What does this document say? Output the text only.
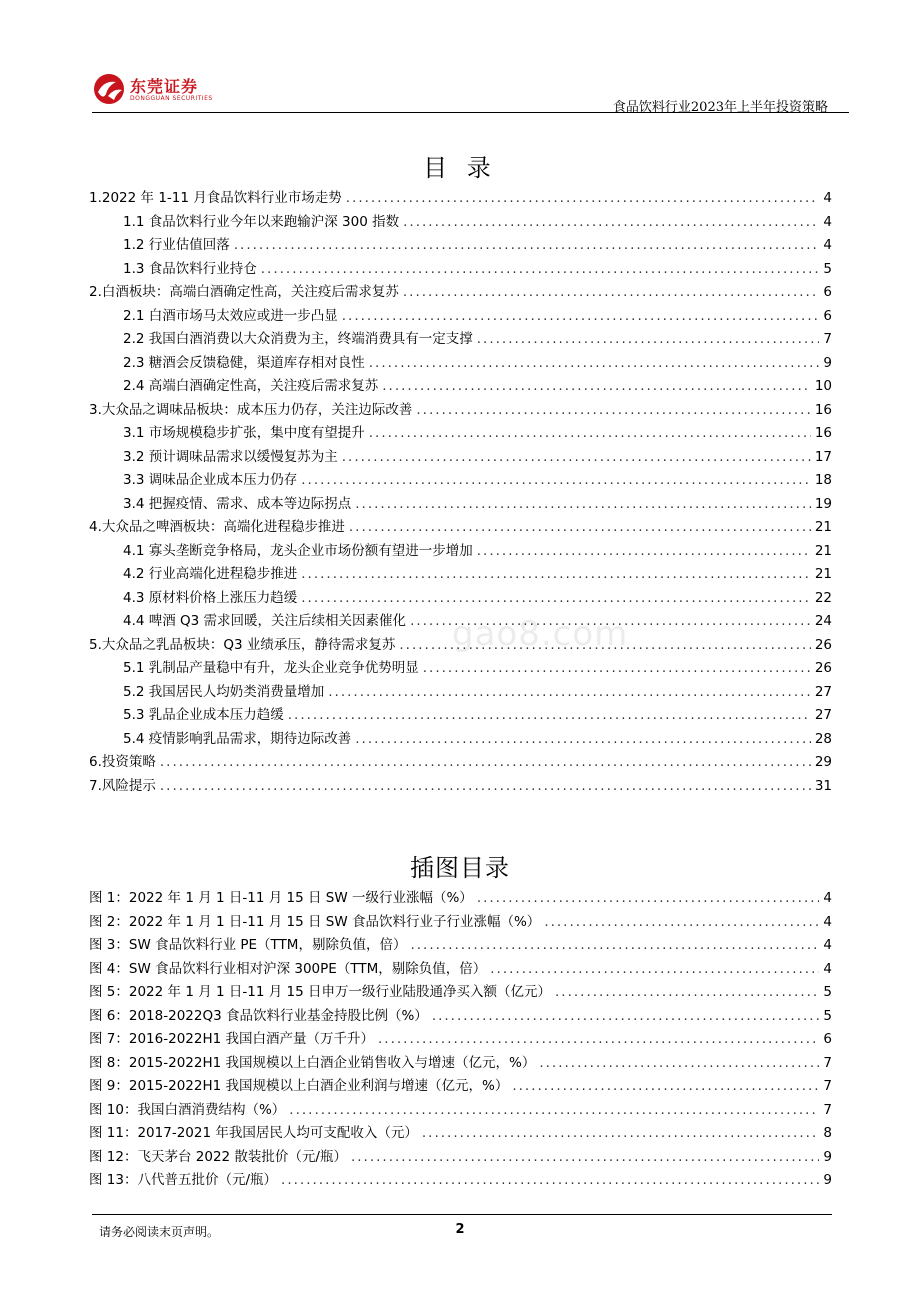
东莞证券
DONGGUAN SECURITIES
食品饮料行业2023年上半年投资策略
目 录
1.2022 年 1-11 月食品饮料行业市场走势 .....	4
1.1 食品饮料行业今年以来跑输沪深 300 指数 .....	4
1.2 行业估值回落 .....	4
1.3 食品饮料行业持仓 .....	5
2.白酒板块：高端白酒确定性高，关注疫后需求复苏 .....	6
2.1 白酒市场马太效应或进一步凸显 .....	6
2.2 我国白酒消费以大众消费为主，终端消费具有一定支撑 .....	7
2.3 糖酒会反馈稳健，渠道库存相对良性 .....	9
2.4 高端白酒确定性高，关注疫后需求复苏 .....	10
3.大众品之调味品板块：成本压力仍存，关注边际改善 .....	16
3.1 市场规模稳步扩张，集中度有望提升 .....	16
3.2 预计调味品需求以缓慢复苏为主 .....	17
3.3 调味品企业成本压力仍存 .....	18
3.4 把握疫情、需求、成本等边际拐点 .....	19
4.大众品之啤酒板块：高端化进程稳步推进 .....	21
4.1 寡头垄断竞争格局，龙头企业市场份额有望进一步增加 .....	21
4.2 行业高端化进程稳步推进 .....	21
4.3 原材料价格上涨压力趋缓 .....	22
4.4 啤酒 Q3 需求回暖，关注后续相关因素催化 .....	24
5.大众品之乳品板块：Q3 业绩承压，静待需求复苏 .....	26
5.1 乳制品产量稳中有升，龙头企业竞争优势明显 .....	26
5.2 我国居民人均奶类消费量增加 .....	27
5.3 乳品企业成本压力趋缓 .....	27
5.4 疫情影响乳品需求，期待边际改善 .....	28
6.投资策略 .....	29
7.风险提示 .....	31
gao8.com
插图目录
图 1：2022 年 1 月 1 日-11 月 15 日 SW 一级行业涨幅（%） .....	4
图 2：2022 年 1 月 1 日-11 月 15 日 SW 食品饮料行业子行业涨幅（%） .....	4
图 3：SW 食品饮料行业 PE（TTM，剔除负值，倍） .....	4
图 4：SW 食品饮料行业相对沪深 300PE（TTM，剔除负值，倍） .....	4
图 5：2022 年 1 月 1 日-11 月 15 日申万一级行业陆股通净买入额（亿元） .....	5
图 6：2018-2022Q3 食品饮料行业基金持股比例（%） .....	5
图 7：2016-2022H1 我国白酒产量（万千升） .....	6
图 8：2015-2022H1 我国规模以上白酒企业销售收入与增速（亿元，%） .....	7
图 9：2015-2022H1 我国规模以上白酒企业利润与增速（亿元，%） .....	7
图 10：我国白酒消费结构（%） .....	7
图 11：2017-2021 年我国居民人均可支配收入（元） .....	8
图 12：飞天茅台 2022 散装批价（元/瓶） .....	9
图 13：八代普五批价（元/瓶） .....	9
请务必阅读末页声明。	2
